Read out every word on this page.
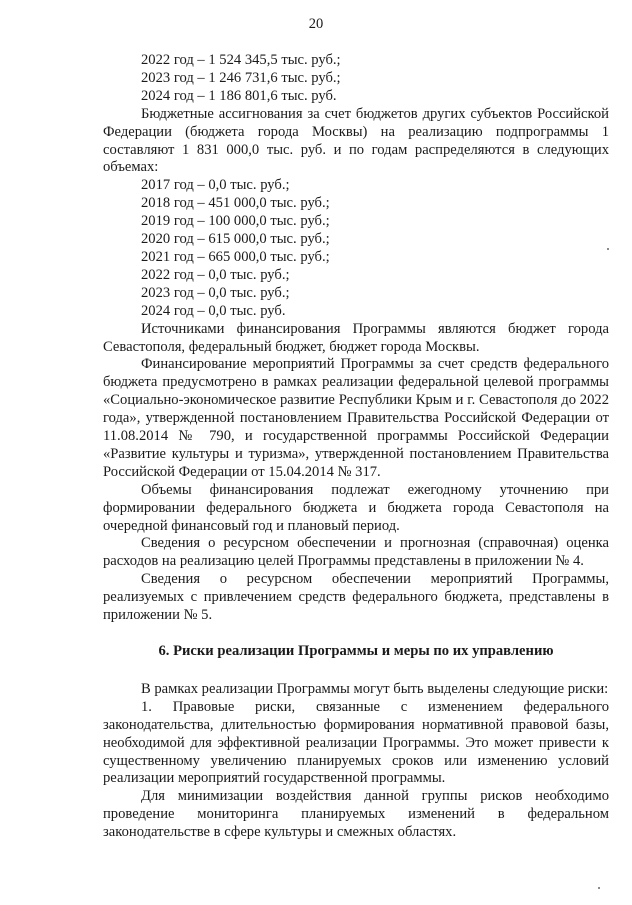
20
2022 год – 1 524 345,5 тыс. руб.;
2023 год – 1 246 731,6 тыс. руб.;
2024 год – 1 186 801,6 тыс. руб.

Бюджетные ассигнования за счет бюджетов других субъектов Российской Федерации (бюджета города Москвы) на реализацию подпрограммы 1 составляют 1 831 000,0 тыс. руб. и по годам распределяются в следующих объемах:

2017 год – 0,0 тыс. руб.;
2018 год – 451 000,0 тыс. руб.;
2019 год – 100 000,0 тыс. руб.;
2020 год – 615 000,0 тыс. руб.;
2021 год – 665 000,0 тыс. руб.;
2022 год – 0,0 тыс. руб.;
2023 год – 0,0 тыс. руб.;
2024 год – 0,0 тыс. руб.

Источниками финансирования Программы являются бюджет города Севастополя, федеральный бюджет, бюджет города Москвы.

Финансирование мероприятий Программы за счет средств федерального бюджета предусмотрено в рамках реализации федеральной целевой программы «Социально-экономическое развитие Республики Крым и г. Севастополя до 2022 года», утвержденной постановлением Правительства Российской Федерации от 11.08.2014 № 790, и государственной программы Российской Федерации «Развитие культуры и туризма», утвержденной постановлением Правительства Российской Федерации от 15.04.2014 № 317.

Объемы финансирования подлежат ежегодному уточнению при формировании федерального бюджета и бюджета города Севастополя на очередной финансовый год и плановый период.

Сведения о ресурсном обеспечении и прогнозная (справочная) оценка расходов на реализацию целей Программы представлены в приложении № 4.

Сведения о ресурсном обеспечении мероприятий Программы, реализуемых с привлечением средств федерального бюджета, представлены в приложении № 5.

6. Риски реализации Программы и меры по их управлению

В рамках реализации Программы могут быть выделены следующие риски:

1. Правовые риски, связанные с изменением федерального законодательства, длительностью формирования нормативной правовой базы, необходимой для эффективной реализации Программы. Это может привести к существенному увеличению планируемых сроков или изменению условий реализации мероприятий государственной программы.

Для минимизации воздействия данной группы рисков необходимо проведение мониторинга планируемых изменений в федеральном законодательстве в сфере культуры и смежных областях.
